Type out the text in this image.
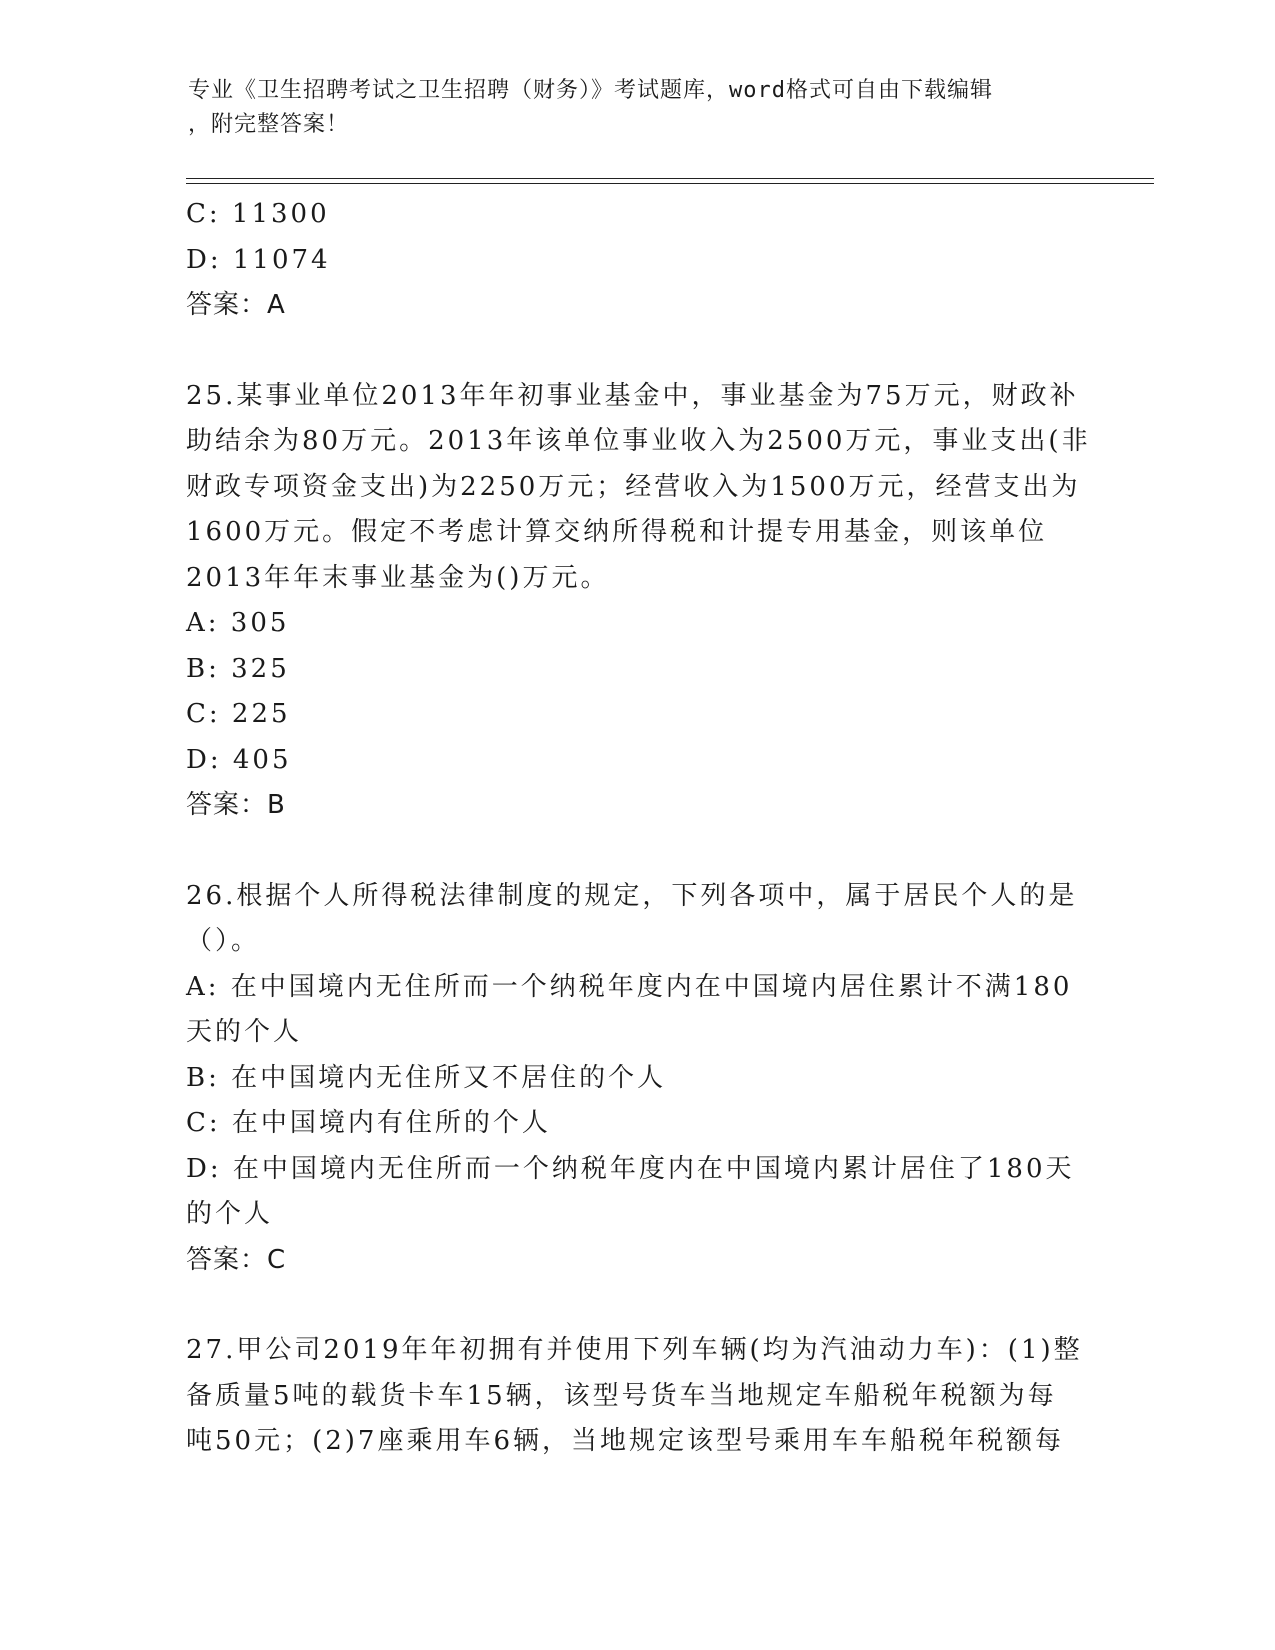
专业《卫生招聘考试之卫生招聘（财务）》考试题库，word格式可自由下载编辑
，附完整答案！
C: 11300
D: 11074
答案：A
25.某事业单位2013年年初事业基金中，事业基金为75万元，财政补
助结余为80万元。2013年该单位事业收入为2500万元，事业支出(非
财政专项资金支出)为2250万元；经营收入为1500万元，经营支出为
1600万元。假定不考虑计算交纳所得税和计提专用基金，则该单位
2013年年末事业基金为()万元。
A: 305
B: 325
C: 225
D: 405
答案：B
26.根据个人所得税法律制度的规定，下列各项中，属于居民个人的是
（）。
A: 在中国境内无住所而一个纳税年度内在中国境内居住累计不满180
天的个人
B: 在中国境内无住所又不居住的个人
C: 在中国境内有住所的个人
D: 在中国境内无住所而一个纳税年度内在中国境内累计居住了180天
的个人
答案：C
27.甲公司2019年年初拥有并使用下列车辆(均为汽油动力车)：(1)整
备质量5吨的载货卡车15辆，该型号货车当地规定车船税年税额为每
吨50元；(2)7座乘用车6辆，当地规定该型号乘用车车船税年税额每
